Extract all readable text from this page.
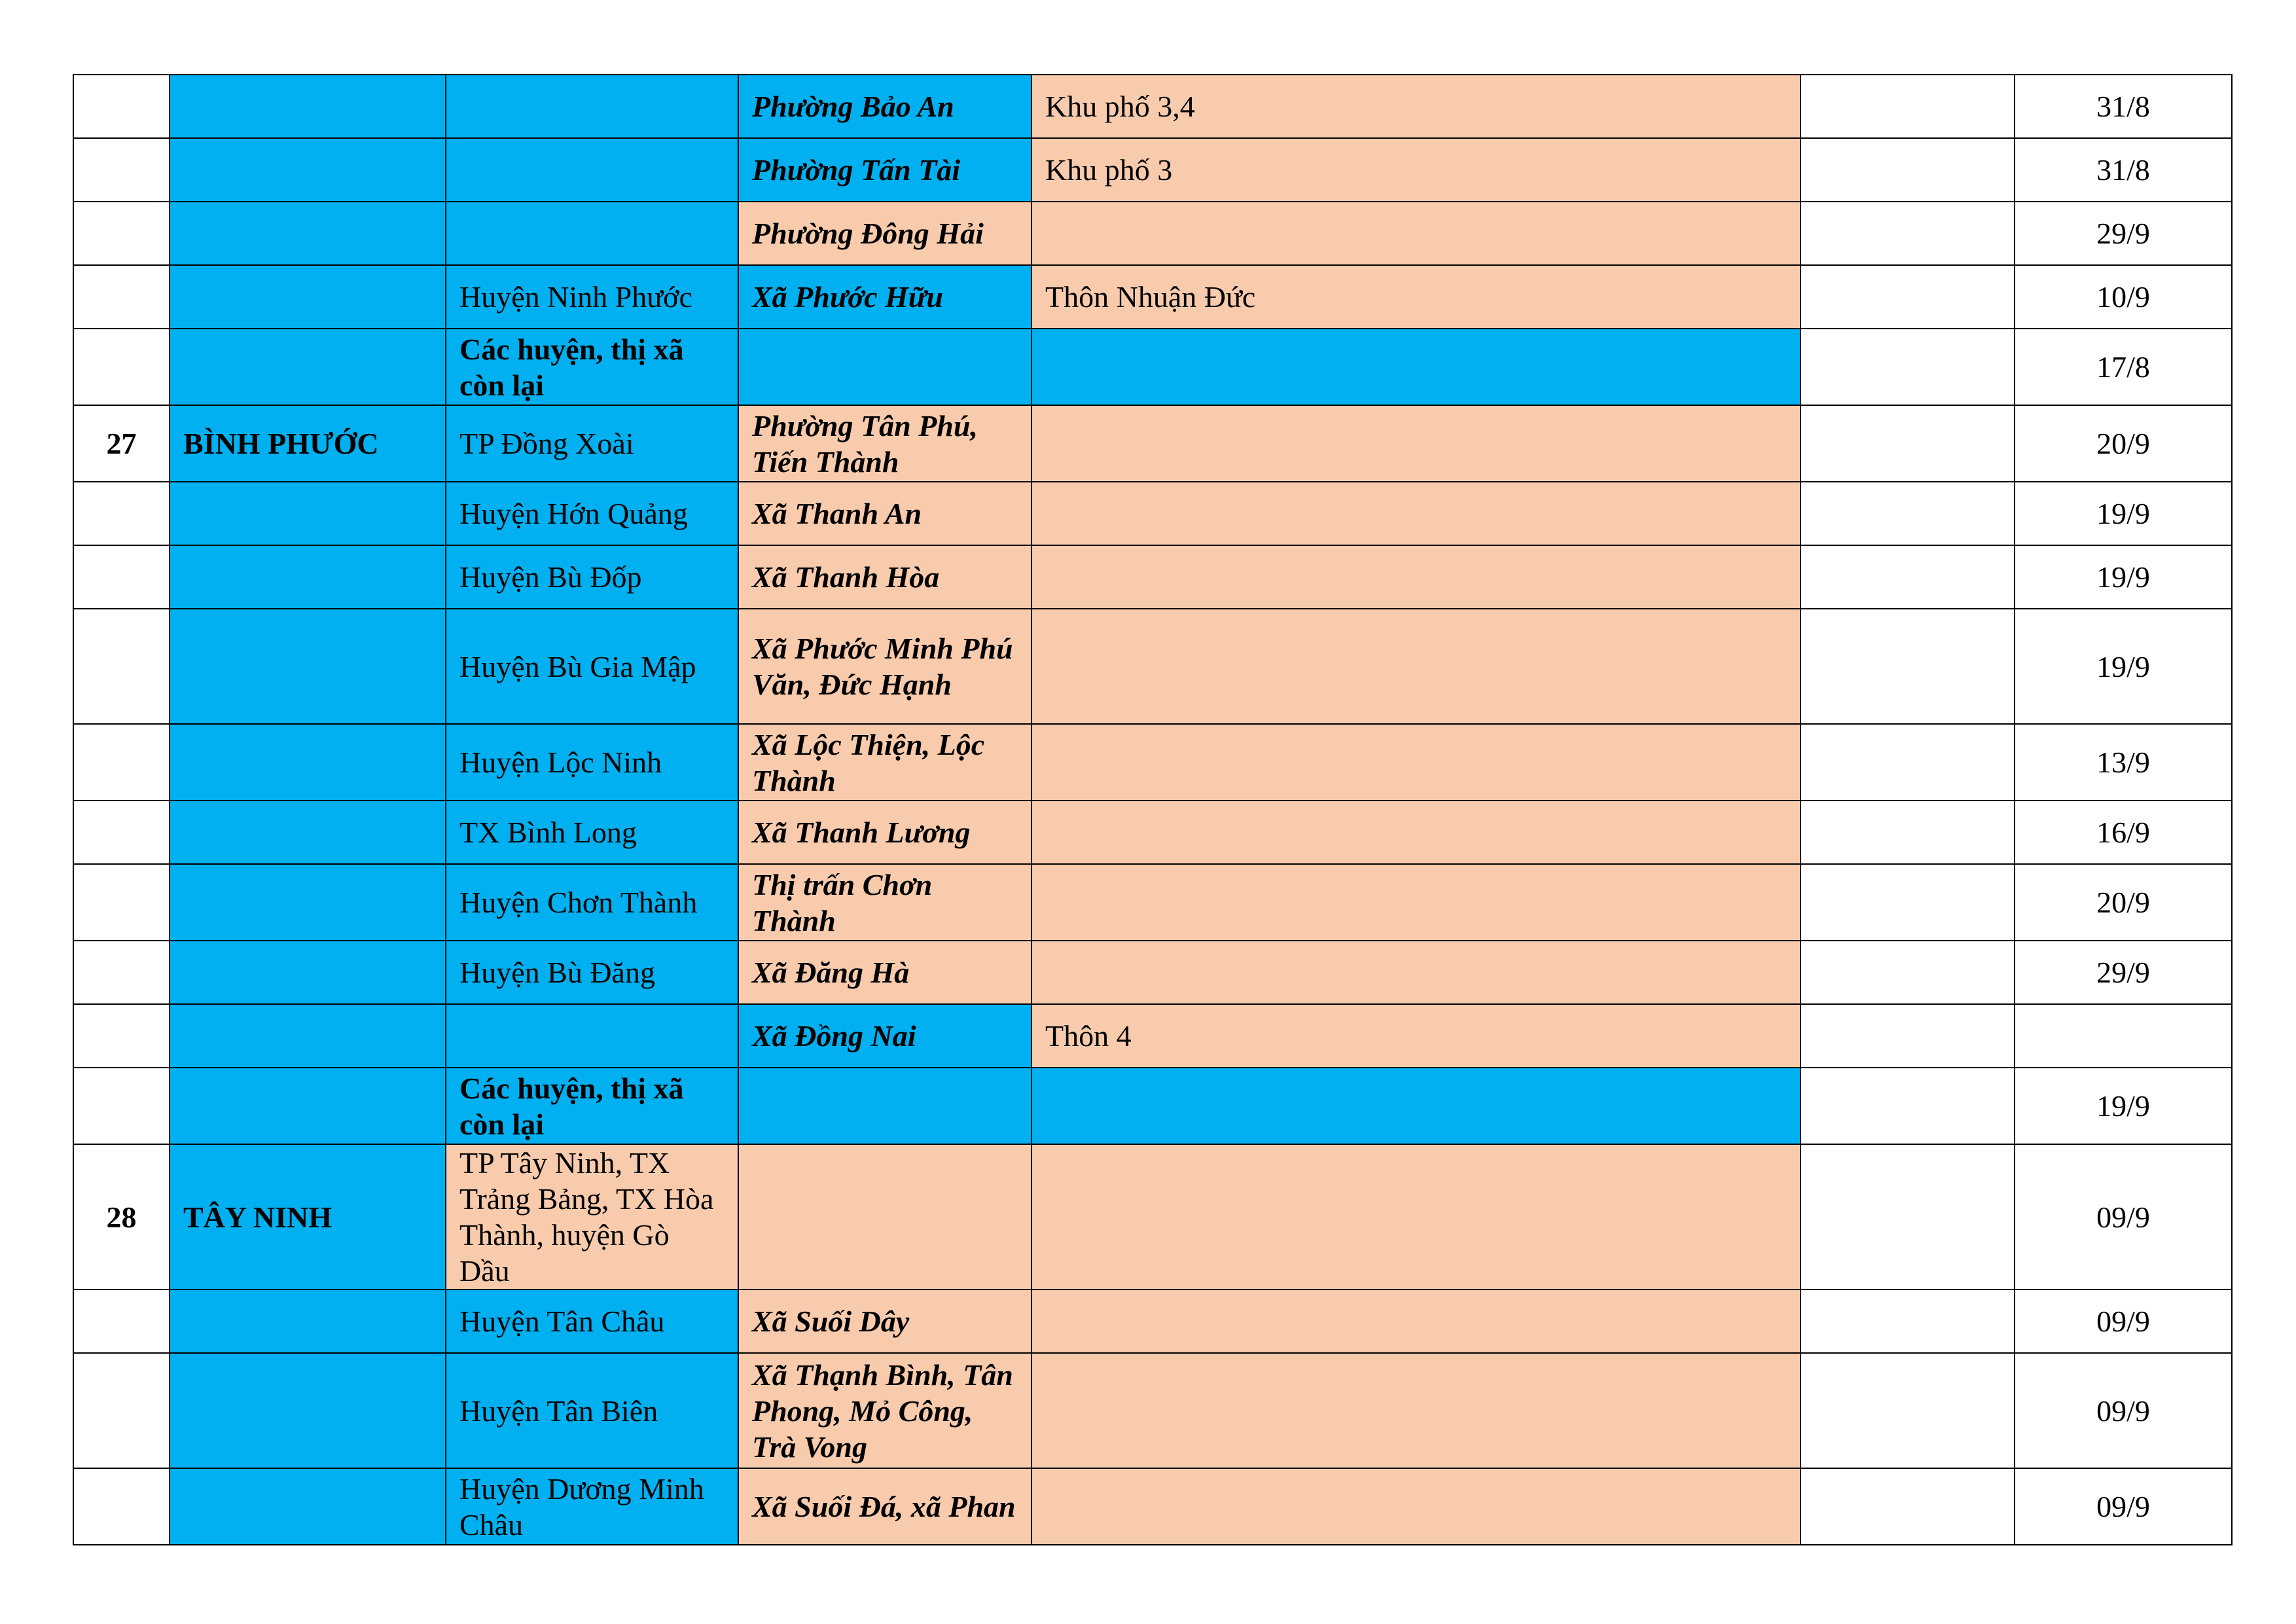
			Phường Bảo An	Khu phố 3,4		31/8
			Phường Tấn Tài	Khu phố 3		31/8
			Phường Đông Hải			29/9
		Huyện Ninh Phước	Xã Phước Hữu	Thôn Nhuận Đức		10/9
		Các huyện, thị xã còn lại				17/8
27	BÌNH PHƯỚC	TP Đồng Xoài	Phường Tân Phú, Tiến Thành			20/9
		Huyện Hớn Quảng	Xã Thanh An			19/9
		Huyện Bù Đốp	Xã Thanh Hòa			19/9
		Huyện Bù Gia Mập	Xã Phước Minh Phú Văn, Đức Hạnh			19/9
		Huyện Lộc Ninh	Xã Lộc Thiện, Lộc Thành			13/9
		TX Bình Long	Xã Thanh Lương			16/9
		Huyện Chơn Thành	Thị trấn Chơn Thành			20/9
		Huyện Bù Đăng	Xã Đăng Hà			29/9
			Xã Đồng Nai	Thôn 4		
		Các huyện, thị xã còn lại				19/9
28	TÂY NINH	TP Tây Ninh, TX Trảng Bảng, TX Hòa Thành, huyện Gò Dầu				09/9
		Huyện Tân Châu	Xã Suối Dây			09/9
		Huyện Tân Biên	Xã Thạnh Bình, Tân Phong, Mỏ Công, Trà Vong			09/9
		Huyện Dương Minh Châu	Xã Suối Đá, xã Phan			09/9
